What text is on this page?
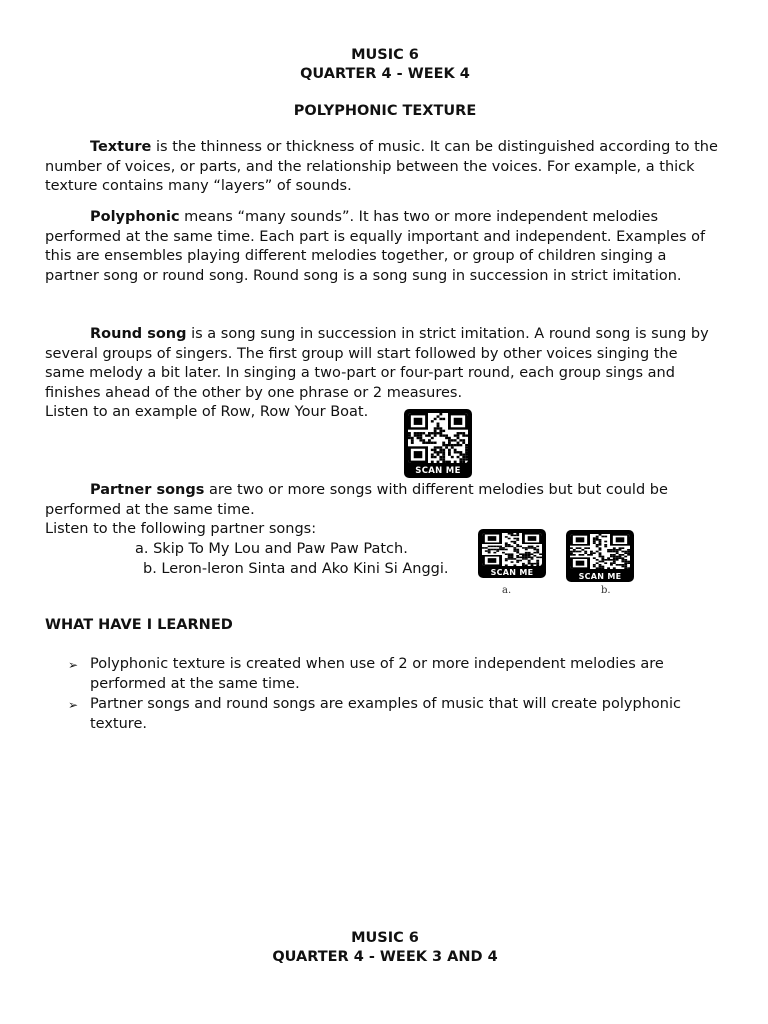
MUSIC 6
QUARTER 4 - WEEK 4
POLYPHONIC TEXTURE

Texture is the thinness or thickness of music. It can be distinguished according to the number of voices, or parts, and the relationship between the voices. For example, a thick texture contains many “layers” of sounds.

Polyphonic means “many sounds”. It has two or more independent melodies performed at the same time. Each part is equally important and independent. Examples of this are ensembles playing different melodies together, or group of children singing a partner song or round song. Round song is a song sung in succession in strict imitation.

Round song is a song sung in succession in strict imitation. A round song is sung by several groups of singers. The first group will start followed by other voices singing the same melody a bit later. In singing a two-part or four-part round, each group sings and finishes ahead of the other by one phrase or 2 measures.
Listen to an example of Row, Row Your Boat.

SCAN ME

Partner songs are two or more songs with different melodies but but could be performed at the same time.

Listen to the following partner songs:
a. Skip To My Lou and Paw Paw Patch.
b. Leron-leron Sinta and Ako Kini Si Anggi.	SCAN ME
a.
SCAN ME
b.
WHAT HAVE I LEARNED
➢ Polyphonic texture is created when use of 2 or more independent melodies are performed at the same time.
➢ Partner songs and round songs are examples of music that will create polyphonic texture.
MUSIC 6
QUARTER 4 - WEEK 3 AND 4
